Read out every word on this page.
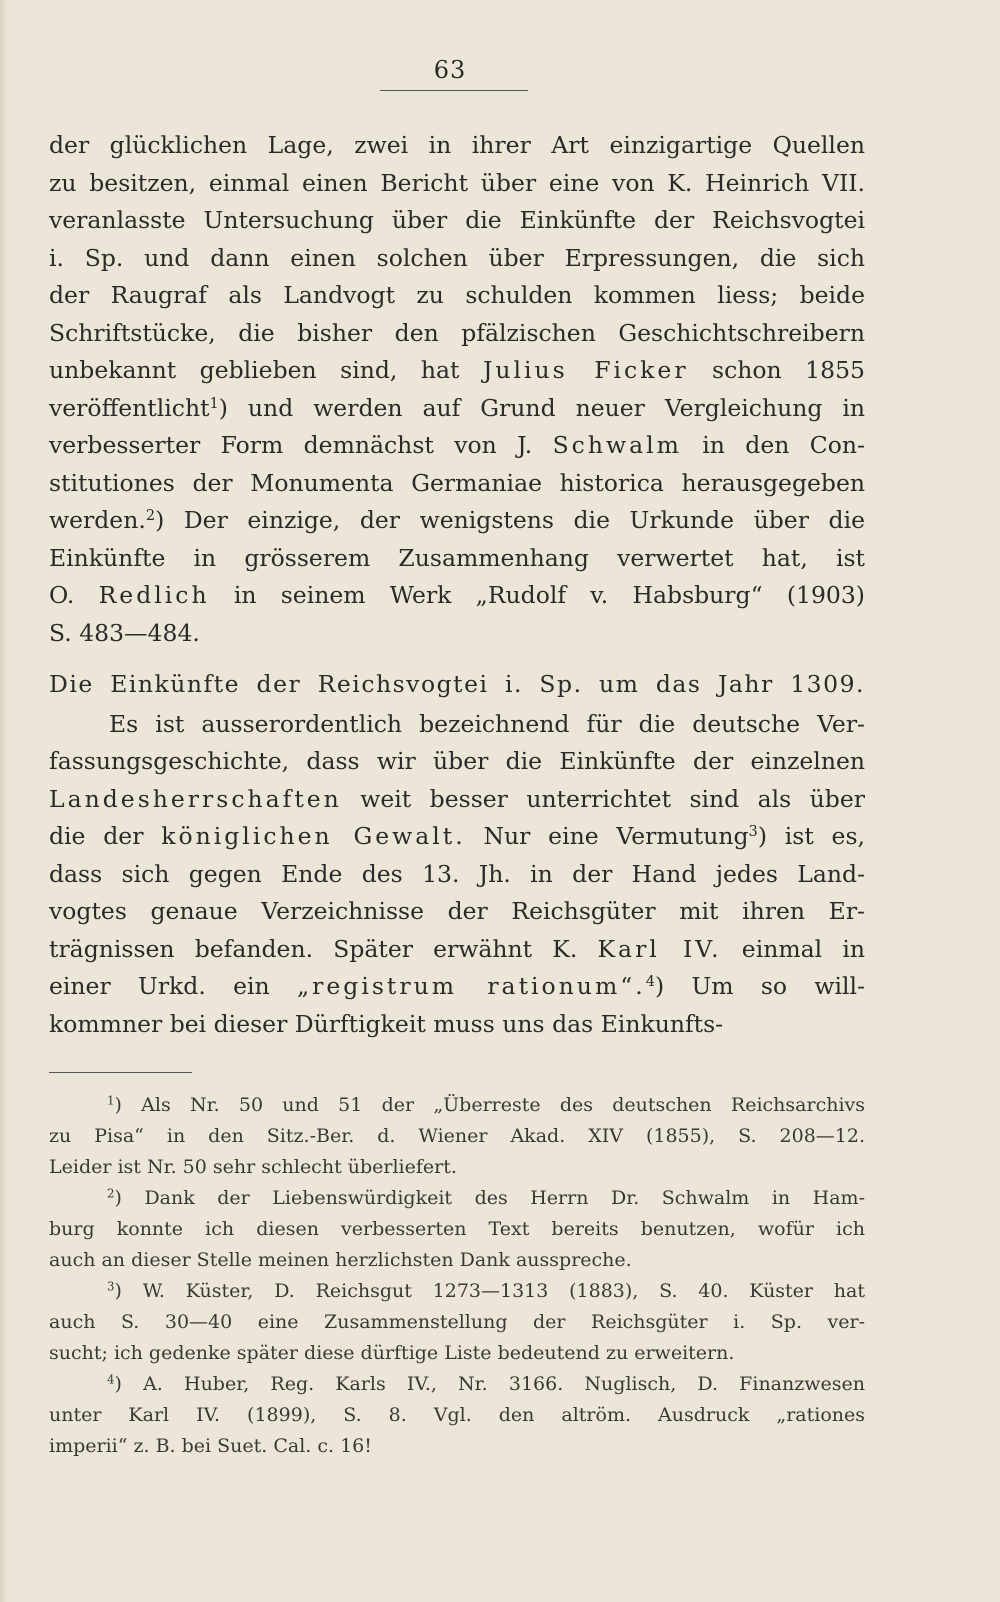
63
der glücklichen Lage, zwei in ihrer Art einzigartige Quellen
zu besitzen, einmal einen Bericht über eine von K. Heinrich VII.
veranlasste Untersuchung über die Einkünfte der Reichsvogtei
i. Sp. und dann einen solchen über Erpressungen, die sich
der Raugraf als Landvogt zu schulden kommen liess; beide
Schriftstücke, die bisher den pfälzischen Geschichtschreibern
unbekannt geblieben sind, hat Julius Ficker schon 1855
veröffentlicht$^1$) und werden auf Grund neuer Vergleichung in
verbesserter Form demnächst von J. Schwalm in den Con-
stitutiones der Monumenta Germaniae historica herausgegeben
werden.$^2$) Der einzige, der wenigstens die Urkunde über die
Einkünfte in grösserem Zusammenhang verwertet hat, ist
O. Redlich in seinem Werk „Rudolf v. Habsburg“ (1903)
S. 483—484.
Die Einkünfte der Reichsvogtei i. Sp. um das Jahr 1309.
Es ist ausserordentlich bezeichnend für die deutsche Ver-
fassungsgeschichte, dass wir über die Einkünfte der einzelnen
Landesherrschaften weit besser unterrichtet sind als über
die der königlichen Gewalt. Nur eine Vermutung$^3$) ist es,
dass sich gegen Ende des 13. Jh. in der Hand jedes Land-
vogtes genaue Verzeichnisse der Reichsgüter mit ihren Er-
trägnissen befanden. Später erwähnt K. Karl IV. einmal in
einer Urkd. ein „registrum rationum“.$^4$) Um so will-
kommner bei dieser Dürftigkeit muss uns das Einkunfts-
$^1$) Als Nr. 50 und 51 der „Überreste des deutschen Reichsarchivs
zu Pisa“ in den Sitz.-Ber. d. Wiener Akad. XIV (1855), S. 208—12.
Leider ist Nr. 50 sehr schlecht überliefert.
$^2$) Dank der Liebenswürdigkeit des Herrn Dr. Schwalm in Ham-
burg konnte ich diesen verbesserten Text bereits benutzen, wofür ich
auch an dieser Stelle meinen herzlichsten Dank ausspreche.
$^3$) W. Küster, D. Reichsgut 1273—1313 (1883), S. 40. Küster hat
auch S. 30—40 eine Zusammenstellung der Reichsgüter i. Sp. ver-
sucht; ich gedenke später diese dürftige Liste bedeutend zu erweitern.
$^4$) A. Huber, Reg. Karls IV., Nr. 3166. Nuglisch, D. Finanzwesen
unter Karl IV. (1899), S. 8. Vgl. den altröm. Ausdruck „rationes
imperii“ z. B. bei Suet. Cal. c. 16!
